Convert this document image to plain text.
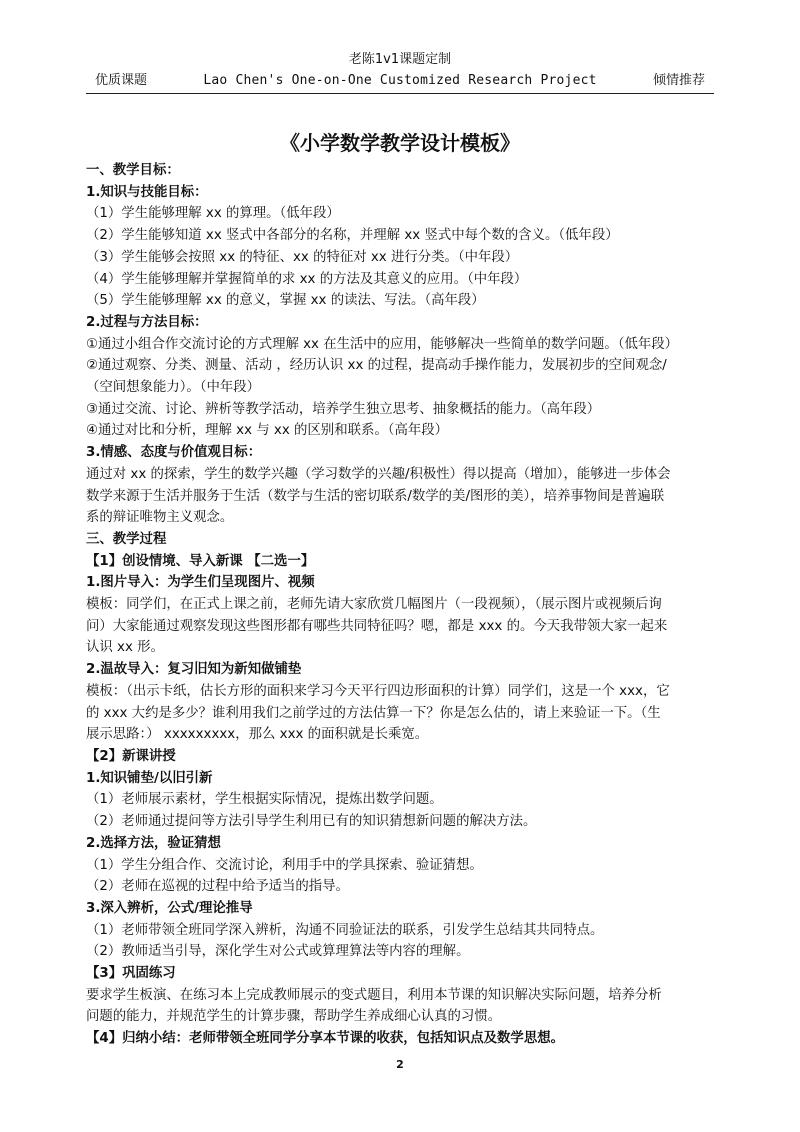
老陈1v1课题定制
优质课题	Lao Chen's One-on-One Customized Research Project	倾情推荐
《小学数学教学设计模板》
一、教学目标：
1.知识与技能目标：
（1）学生能够理解 xx 的算理。（低年段）
（2）学生能够知道 xx 竖式中各部分的名称，并理解 xx 竖式中每个数的含义。（低年段）
（3）学生能够会按照 xx 的特征、xx 的特征对 xx 进行分类。（中年段）
（4）学生能够理解并掌握简单的求 xx 的方法及其意义的应用。（中年段）
（5）学生能够理解 xx 的意义，掌握 xx 的读法、写法。（高年段）
2.过程与方法目标：
①通过小组合作交流讨论的方式理解 xx 在生活中的应用，能够解决一些简单的数学问题。（低年段）
②通过观察、分类、测量、活动 ，经历认识 xx 的过程，提高动手操作能力，发展初步的空间观念/
（空间想象能力）。（中年段）
③通过交流、讨论、辨析等教学活动，培养学生独立思考、抽象概括的能力。（高年段）
④通过对比和分析，理解 xx 与 xx 的区别和联系。（高年段）
3.情感、态度与价值观目标：
通过对 xx 的探索，学生的数学兴趣（学习数学的兴趣/积极性）得以提高（增加），能够进一步体会
数学来源于生活并服务于生活（数学与生活的密切联系/数学的美/图形的美），培养事物间是普遍联
系的辩证唯物主义观念。
三、教学过程
【1】创设情境、导入新课 【二选一】
1.图片导入：为学生们呈现图片、视频
模板：同学们，在正式上课之前，老师先请大家欣赏几幅图片（一段视频），（展示图片或视频后询
问）大家能通过观察发现这些图形都有哪些共同特征吗？嗯，都是 xxx 的。今天我带领大家一起来
认识 xx 形。
2.温故导入：复习旧知为新知做铺垫
模板：（出示卡纸，估长方形的面积来学习今天平行四边形面积的计算）同学们，这是一个 xxx，它
的 xxx 大约是多少？谁利用我们之前学过的方法估算一下？你是怎么估的，请上来验证一下。（生
展示思路：） xxxxxxxxx，那么 xxx 的面积就是长乘宽。
【2】新课讲授
1.知识铺垫/以旧引新
（1）老师展示素材，学生根据实际情况，提炼出数学问题。
（2）老师通过提问等方法引导学生利用已有的知识猜想新问题的解决方法。
2.选择方法，验证猜想
（1）学生分组合作、交流讨论，利用手中的学具探索、验证猜想。
（2）老师在巡视的过程中给予适当的指导。
3.深入辨析，公式/理论推导
（1）老师带领全班同学深入辨析，沟通不同验证法的联系，引发学生总结其共同特点。
（2）教师适当引导，深化学生对公式或算理算法等内容的理解。
【3】巩固练习
要求学生板演、在练习本上完成教师展示的变式题目，利用本节课的知识解决实际问题，培养分析
问题的能力，并规范学生的计算步骤，帮助学生养成细心认真的习惯。
【4】归纳小结：老师带领全班同学分享本节课的收获，包括知识点及数学思想。
2
